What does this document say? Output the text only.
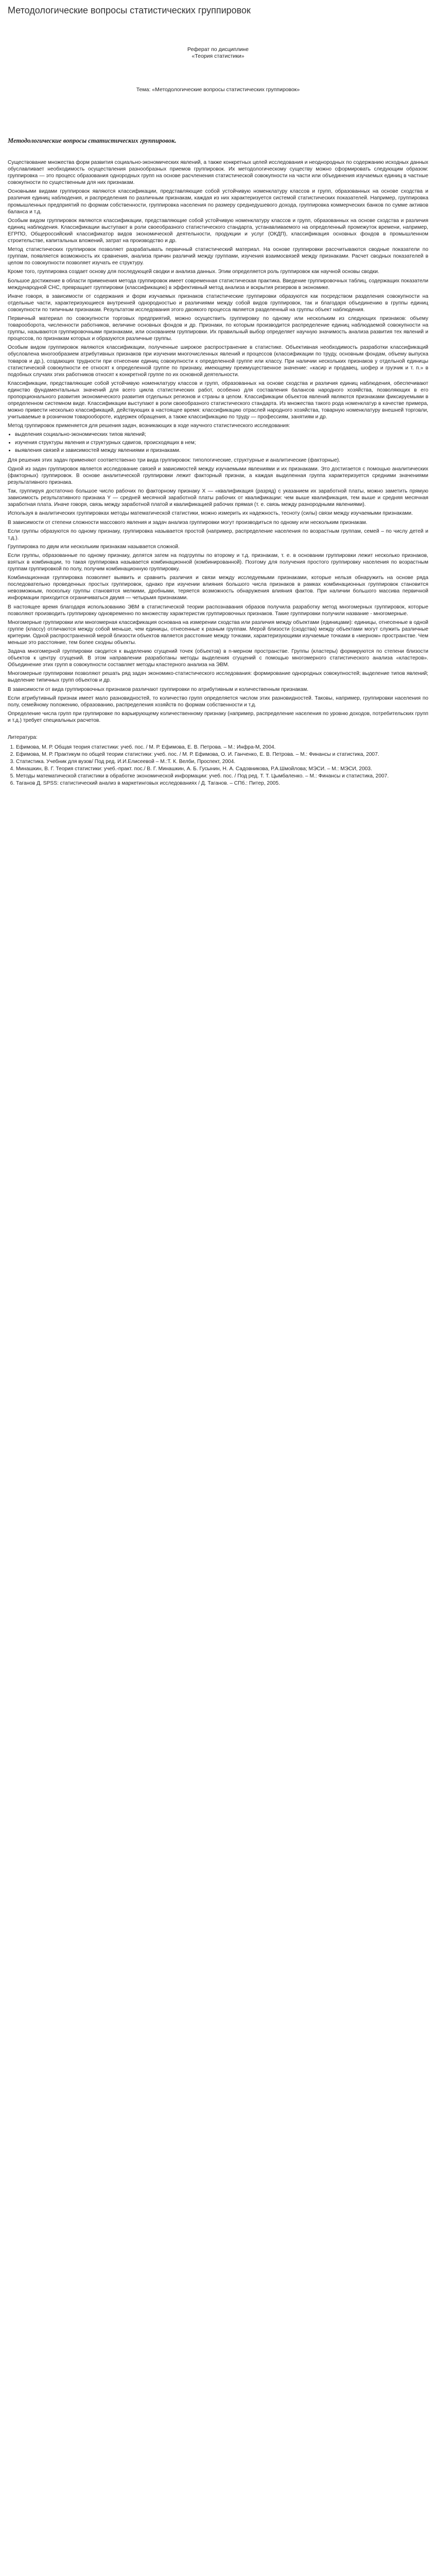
Методологические вопросы статистических группировок
Реферат по дисциплине
«Теория статистики»
Тема: «Методологические вопросы статистических группировок»
Методологические вопросы статистических группировок.

Существование множества форм развития социально-экономических явлений, а также конкретных целей исследования и неоднородных по содержанию исходных данных обуславливает необходимость осуществления разнообразных приемов группировок. Их методологическому существу можно сформировать следующим образом: группировка — это процесс образования однородных групп на основе расчленения статистической совокупности на части или объединения изучаемых единиц в частные совокупности по существенным для них признакам.

Основными видами группировок являются классификации, представляющие собой устойчивую номенклатуру классов и групп, образованных на основе сходства и различия единиц наблюдения, и распределения по различным признакам, каждая из них характеризуется системой статистических показателей. Например, группировка промышленных предприятий по формам собственности, группировка населения по размеру среднедушевого дохода, группировка коммерческих банков по сумме активов баланса и т.д.

Особым видом группировок являются классификации, представляющие собой устойчивую номенклатуру классов и групп, образованных на основе сходства и различия единиц наблюдения. Классификации выступают в роли своеобразного статистического стандарта, устанавливаемого на определенный промежуток времени, например, ЕГРПО, Общероссийский классификатор видов экономической деятельности, продукции и услуг (ОКДП), классификация основных фондов в промышленном строительстве, капитальных вложений, затрат на производство и др.

Метод статистических группировок позволяет разрабатывать первичный статистический материал. На основе группировки рассчитываются сводные показатели по группам, появляется возможность их сравнения, анализа причин различий между группами, изучения взаимосвязей между признаками. Расчет сводных показателей в целом по совокупности позволяет изучать ее структуру.

Кроме того, группировка создает основу для последующей сводки и анализа данных. Этим определяется роль группировок как научной основы сводки.

Большое достижение в области применения метода группировок имеет современная статистическая практика. Введение группировочных таблиц, содержащих показатели международной СНС, превращает группировки (классификацию) в эффективный метод анализа и вскрытия резервов в экономике.

Иначе говоря, в зависимости от содержания и форм изучаемых признаков статистические группировки образуются как посредством разделения совокупности на отдельные части, характеризующиеся внутренней однородностью и различиями между собой видов группировок, так и благодаря объединению в группы единиц совокупности по типичным признакам. Результатом исследования этого двоякого процесса является разделенный на группы объект наблюдения.

Первичный материал по совокупности торговых предприятий, можно осуществить группировку по одному или нескольким из следующих признаков: объему товарооборота, численности работников, величине основных фондов и др. Признаки, по которым производится распределение единиц наблюдаемой совокупности на группы, называются группировочными признаками, или основанием группировки. Их правильный выбор определяет научную значимость анализа развития тех явлений и процессов, по признакам которых и образуются различные группы.

Особым видом группировок являются классификации, полученные широкое распространение в статистике. Объективная необходимость разработки классификаций обусловлена многообразием атрибутивных признаков при изучении многочисленных явлений и процессов (классификации по труду, основным фондам, объему выпуска товаров и др.), создающих трудности при отнесении единиц совокупности к определенной группе или классу. При наличии нескольких признаков у отдельной единицы статистической совокупности ее относят к определенной группе по признаку, имеющему преимущественное значение: «касир и продавец, шофер и грузчик и т. п.» в подобных случаях этих работников относят к конкретной группе по их основной деятельности.

Классификации, представляющие собой устойчивую номенклатуру классов и групп, образованных на основе сходства и различия единиц наблюдения, обеспечивают единство фундаментальных значений для всего цикла статистических работ, особенно для составления балансов народного хозяйства, позволяющих в его пропорционального развития экономического развития отдельных регионов и страны в целом. Классификации объектов явлений являются признаками фиксируемыми в определенном системном виде. Классификации выступают в роли своеобразного статистического стандарта. Из множества такого рода номенклатур в качестве примера, можно привести несколько классификаций, действующих в настоящее время: классификацию отраслей народного хозяйства, товарную номенклатуру внешней торговли, учитываемые в розничном товарообороте, издержек обращения, а также классификацию по труду — профессиям, занятиям и др.

Метод группировок применяется для решения задач, возникающих в ходе научного статистического исследования:

• выделения социально-экономических типов явлений;
• изучения структуры явления и структурных сдвигов, происходящих в нем;
• выявления связей и зависимостей между явлениями и признаками.

Для решения этих задач применяют соответственно три вида группировок: типологические, структурные и аналитические (факторные).

Одной из задач группировок является исследование связей и зависимостей между изучаемыми явлениями и их признаками. Это достигается с помощью аналитических (факторных) группировок. В основе аналитической группировки лежит факторный признак, а каждая выделенная группа характеризуется средними значениями результативного признака.

Так, группируя достаточно большое число рабочих по факторному признаку X — «квалификация (разряд) с указанием их заработной платы, можно заметить прямую зависимость результативного признака Y — средней месячной заработной платы рабочих от квалификации: чем выше квалификация, тем выше и средняя месячная заработная плата. Иначе говоря, связь между заработной платой и квалификацией рабочих прямая (т. е. связь между разнородными явлениями).

Используя в аналитических группировках методы математической статистики, можно измерить их надежность, тесноту (силы) связи между изучаемыми признаками.

В зависимости от степени сложности массового явления и задач анализа группировки могут производиться по одному или нескольким признакам.

Если группы образуются по одному признаку, группировка называется простой (например, распределение населения по возрастным группам, семей – по числу детей и т.д.).

Группировка по двум или нескольким признакам называется сложной.

Если группы, образованные по одному признаку, делятся затем на подгруппы по второму и т.д. признакам, т. е. в основании группировки лежит несколько признаков, взятых в комбинации, то такая группировка называется комбинационной (комбинированной). Поэтому для получения простого группировку населения по возрастным группам группировкой по полу, получим комбинационную группировку.

Комбинационная группировка позволяет выявить и сравнить различия и связи между исследуемыми признаками, которые нельзя обнаружить на основе ряда последовательно проведенных простых группировок, однако при изучении влияния большого числа признаков в рамках комбинационных группировок становится невозможным, поскольку группы становятся мелкими, дробными, теряется возможность обнаружения влияния фактов. При наличии большого массива первичной информации приходится ограничиваться двумя — четырьмя признаками.

В настоящее время благодаря использованию ЭВМ в статистической теории распознавания образов получила разработку метод многомерных группировок, которые позволяют производить группировку одновременно по множеству характеристик группировочных признаков. Такие группировки получили название - многомерные.

Многомерные группировки или многомерная классификация основана на измерении сходства или различия между объектами (единицами): единицы, отнесенные в одной группе (классу) отличаются между собой меньше, чем единицы, отнесенные к разным группам. Мерой близости (сходства) между объектами могут служить различные критерии. Одной распространенной мерой близости объектов является расстояние между точками, характеризующими изучаемые точками в «мерном» пространстве. Чем меньше это расстояние, тем более сходны объекты.

Задача многомерной группировки сводится к выделению сгущений точек (объектов) в n-мерном пространстве. Группы (кластеры) формируются по степени близости объектов к центру сгущений. В этом направлении разработаны методы выделения сгущений с помощью многомерного статистического анализа «кластеров». Объединение этих групп в совокупности составляет методы кластерного анализа на ЭВМ.

Многомерные группировки позволяют решать ряд задач экономико-статистического исследования: формирование однородных совокупностей; выделение типов явлений; выделение типичных групп объектов и др.

В зависимости от вида группировочных признаков различают группировки по атрибутивным и количественным признакам.

Если атрибутивный признак имеет мало разновидностей, то количество групп определяется числом этих разновидностей. Таковы, например, группировки населения по полу, семейному положению, образованию, распределения хозяйств по формам собственности и т.д.

Определение числа групп при группировке по варьирующему количественному признаку (например, распределение населения по уровню доходов, потребительских групп и т.д.) требует специальных расчетов.

Литература:
1. Ефимова, М. Р. Общая теория статистики: учеб. пос. / М. Р. Ефимова, Е. В. Петрова. – М.: Инфра-М, 2004.
2. Ефимова, М. Р. Практикум по общей теории статистики: учеб. пос. / М. Р. Ефимова, О. И. Ганченко, Е. В. Петрова. – М.: Финансы и статистика, 2007.
3. Статистика. Учебник для вузов/ Под ред. И.И.Елисеевой – М.:Т. К. Велби, Проспект, 2004.
4. Минашкин, В. Г. Теория статистики: учеб.-практ. пос./ В. Г. Минашкин, А. Б. Гусынин, Н. А. Садовникова, Р.А.Шмойлова; МЭСИ. – М.: МЭСИ, 2003.
5. Методы математической статистики в обработке экономической информации: учеб. пос. / Под ред. Т. Т. Цымбаленко. – М.: Финансы и статистика, 2007.
6. Таганов Д. SPSS: статистический анализ в маркетинговых исследованиях / Д. Таганов. – СПб.: Питер, 2005.
